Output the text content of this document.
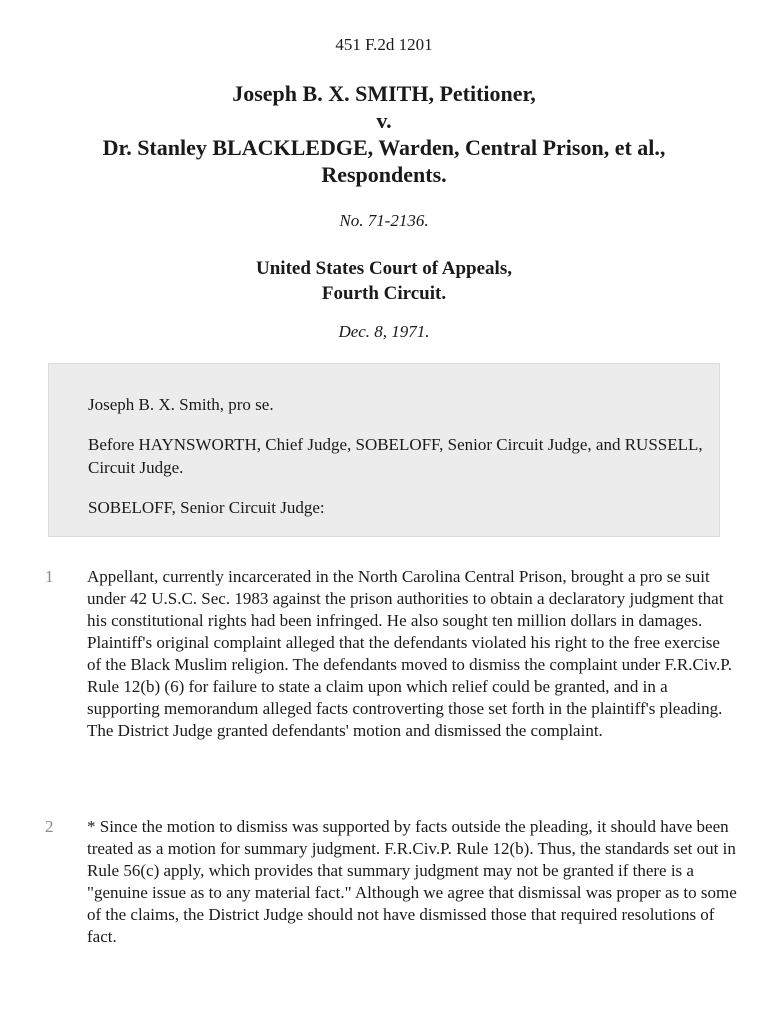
451 F.2d 1201
Joseph B. X. SMITH, Petitioner,
v.
Dr. Stanley BLACKLEDGE, Warden, Central Prison, et al.,
Respondents.
No. 71-2136.
United States Court of Appeals,
Fourth Circuit.
Dec. 8, 1971.

Joseph B. X. Smith, pro se.

Before HAYNSWORTH, Chief Judge, SOBELOFF, Senior Circuit Judge, and RUSSELL, Circuit Judge.

SOBELOFF, Senior Circuit Judge:

1 Appellant, currently incarcerated in the North Carolina Central Prison, brought a pro se suit under 42 U.S.C. Sec. 1983 against the prison authorities to obtain a declaratory judgment that his constitutional rights had been infringed. He also sought ten million dollars in damages. Plaintiff's original complaint alleged that the defendants violated his right to the free exercise of the Black Muslim religion. The defendants moved to dismiss the complaint under F.R.Civ.P. Rule 12(b) (6) for failure to state a claim upon which relief could be granted, and in a supporting memorandum alleged facts controverting those set forth in the plaintiff's pleading. The District Judge granted defendants' motion and dismissed the complaint.

2 * Since the motion to dismiss was supported by facts outside the pleading, it should have been treated as a motion for summary judgment. F.R.Civ.P. Rule 12(b). Thus, the standards set out in Rule 56(c) apply, which provides that summary judgment may not be granted if there is a "genuine issue as to any material fact." Although we agree that dismissal was proper as to some of the claims, the District Judge should not have dismissed those that required resolutions of fact.
